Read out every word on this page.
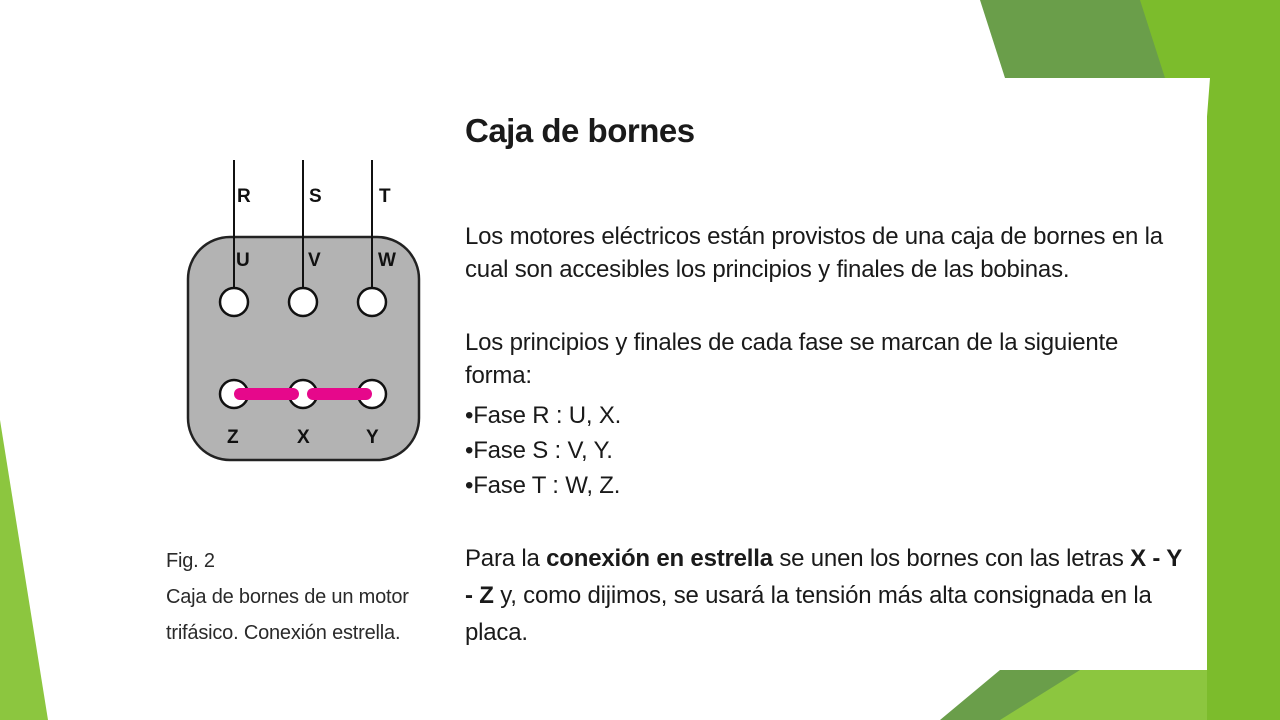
R	S	T
U	V	W
Z	X	Y
Caja de bornes
Los motores eléctricos están provistos de una caja de bornes en la cual son accesibles los principios y finales de las bobinas.
Los principios y finales de cada fase se marcan de la siguiente forma:
• Fase R : U, X.
• Fase S : V, Y.
• Fase T : W, Z.
Para la conexión en estrella se unen los bornes con las letras X - Y - Z y, como dijimos, se usará la tensión más alta consignada en la placa.
Fig. 2
Caja de bornes de un motor
trifásico. Conexión estrella.
